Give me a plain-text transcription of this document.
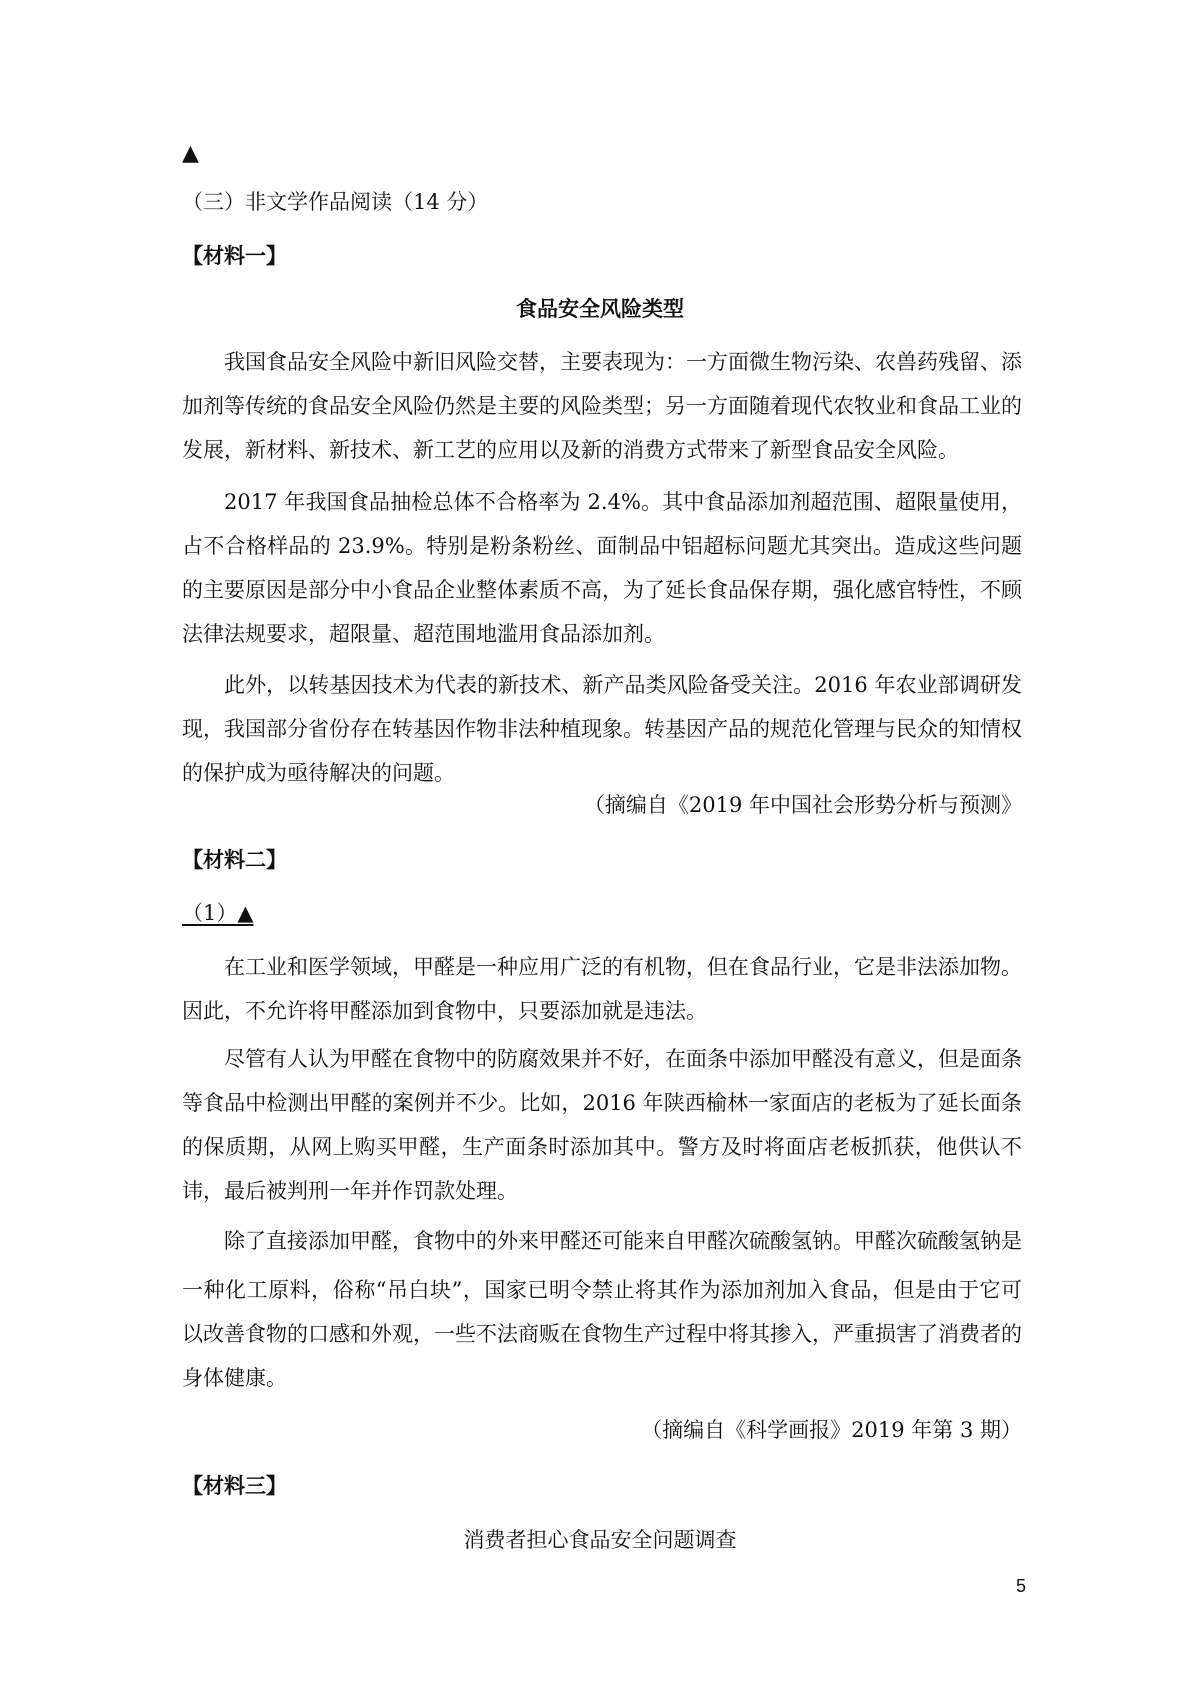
▲
（三）非文学作品阅读（14 分）
【材料一】
食品安全风险类型
我国食品安全风险中新旧风险交替，主要表现为：一方面微生物污染、农兽药残留、添加剂等传统的食品安全风险仍然是主要的风险类型；另一方面随着现代农牧业和食品工业的发展，新材料、新技术、新工艺的应用以及新的消费方式带来了新型食品安全风险。
2017 年我国食品抽检总体不合格率为 2.4%。其中食品添加剂超范围、超限量使用，占不合格样品的 23.9%。特别是粉条粉丝、面制品中铝超标问题尤其突出。造成这些问题的主要原因是部分中小食品企业整体素质不高，为了延长食品保存期，强化感官特性，不顾法律法规要求，超限量、超范围地滥用食品添加剂。
此外，以转基因技术为代表的新技术、新产品类风险备受关注。2016 年农业部调研发现，我国部分省份存在转基因作物非法种植现象。转基因产品的规范化管理与民众的知情权的保护成为亟待解决的问题。
（摘编自《2019 年中国社会形势分析与预测》
【材料二】
（1）▲
在工业和医学领域，甲醛是一种应用广泛的有机物，但在食品行业，它是非法添加物。因此，不允许将甲醛添加到食物中，只要添加就是违法。
尽管有人认为甲醛在食物中的防腐效果并不好，在面条中添加甲醛没有意义，但是面条等食品中检测出甲醛的案例并不少。比如，2016 年陕西榆林一家面店的老板为了延长面条的保质期，从网上购买甲醛，生产面条时添加其中。警方及时将面店老板抓获，他供认不讳，最后被判刑一年并作罚款处理。
除了直接添加甲醛，食物中的外来甲醛还可能来自甲醛次硫酸氢钠。甲醛次硫酸氢钠是
一种化工原料，俗称“吊白块”，国家已明令禁止将其作为添加剂加入食品，但是由于它可以改善食物的口感和外观，一些不法商贩在食物生产过程中将其掺入，严重损害了消费者的身体健康。
（摘编自《科学画报》2019 年第 3 期）
【材料三】
消费者担心食品安全问题调查
5
